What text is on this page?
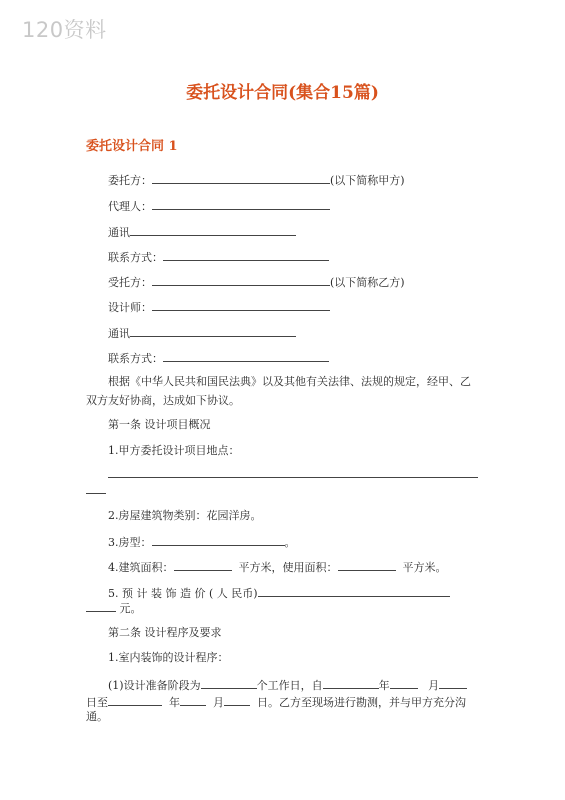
120资料
委托设计合同(集合15篇)
委托设计合同 1
委托方：	(以下简称甲方)
代理人：
通讯
联系方式：
受托方：	(以下简称乙方)
设计师：
通讯
联系方式：
根据《中华人民共和国民法典》以及其他有关法律、法规的规定，经甲、乙双方友好协商，达成如下协议。
第一条 设计项目概况
1.甲方委托设计项目地点：
2.房屋建筑物类别：花园洋房。
3.房型：	。
4.建筑面积：	平方米，使用面积：	平方米。
5. 预 计 装 饰 造 价 ( 人 民币)
元。
第二条 设计程序及要求
1.室内装饰的设计程序：
(1)设计准备阶段为	个工作日，自	年	月
日至	年	月	日。乙方至现场进行勘测，并与甲方充分沟
通。
